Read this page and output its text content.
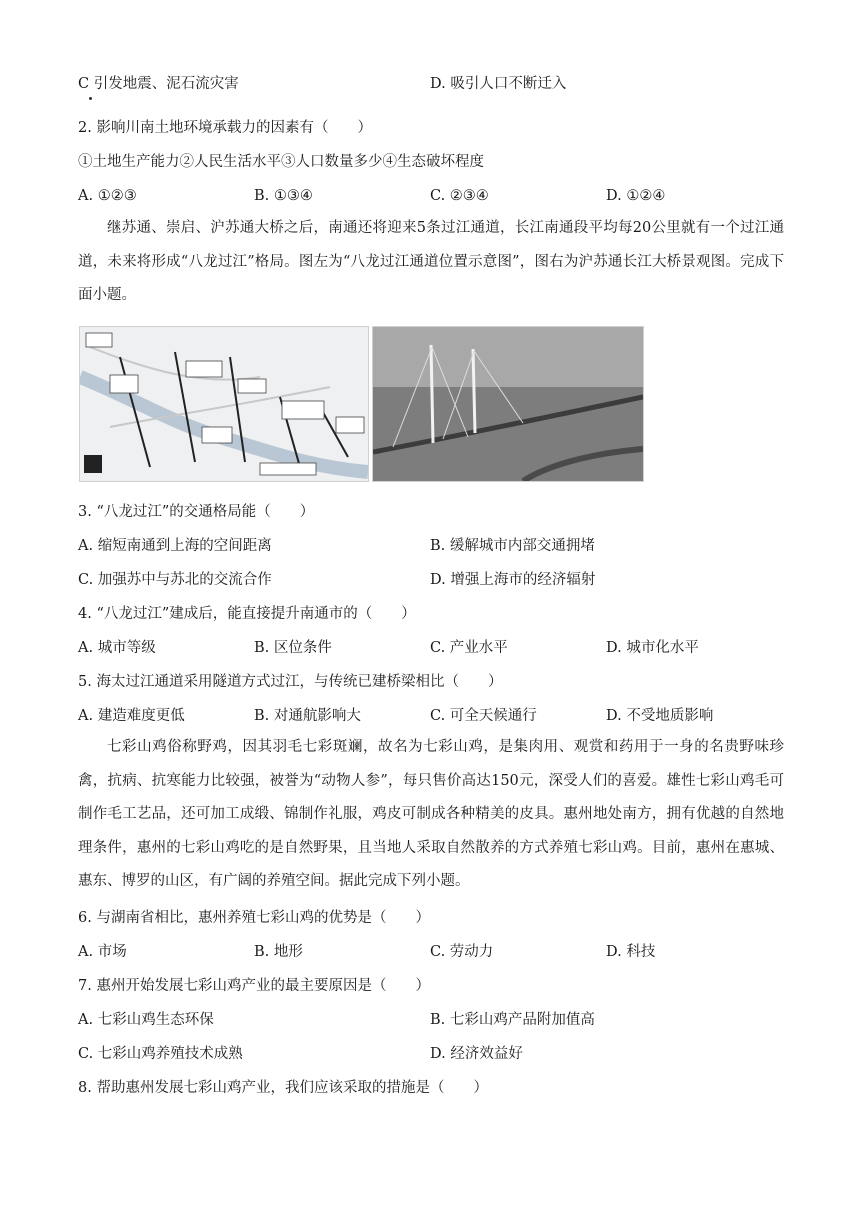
C 引发地震、泥石流灾害	D. 吸引人口不断迁入
2. 影响川南土地环境承载力的因素有（　　）
①土地生产能力②人民生活水平③人口数量多少④生态破坏程度
A. ①②③	B. ①③④	C. ②③④	D. ①②④
继苏通、崇启、沪苏通大桥之后，南通还将迎来5条过江通道，长江南通段平均每20公里就有一个过江通道，未来将形成“八龙过江”格局。图左为“八龙过江通道位置示意图”，图右为沪苏通长江大桥景观图。完成下面小题。
3. “八龙过江”的交通格局能（　　）
A. 缩短南通到上海的空间距离	B. 缓解城市内部交通拥堵
C. 加强苏中与苏北的交流合作	D. 增强上海市的经济辐射
4. “八龙过江”建成后，能直接提升南通市的（　　）
A. 城市等级	B. 区位条件	C. 产业水平	D. 城市化水平
5. 海太过江通道采用隧道方式过江，与传统已建桥梁相比（　　）
A. 建造难度更低	B. 对通航影响大	C. 可全天候通行	D. 不受地质影响
七彩山鸡俗称野鸡，因其羽毛七彩斑斓，故名为七彩山鸡，是集肉用、观赏和药用于一身的名贵野味珍禽，抗病、抗寒能力比较强，被誉为“动物人参”，每只售价高达150元，深受人们的喜爱。雄性七彩山鸡毛可制作毛工艺品，还可加工成缎、锦制作礼服，鸡皮可制成各种精美的皮具。惠州地处南方，拥有优越的自然地理条件，惠州的七彩山鸡吃的是自然野果，且当地人采取自然散养的方式养殖七彩山鸡。目前，惠州在惠城、惠东、博罗的山区，有广阔的养殖空间。据此完成下列小题。
6. 与湖南省相比，惠州养殖七彩山鸡的优势是（　　）
A. 市场	B. 地形	C. 劳动力	D. 科技
7. 惠州开始发展七彩山鸡产业的最主要原因是（　　）
A. 七彩山鸡生态环保	B. 七彩山鸡产品附加值高
C. 七彩山鸡养殖技术成熟	D. 经济效益好
8. 帮助惠州发展七彩山鸡产业，我们应该采取的措施是（　　）
